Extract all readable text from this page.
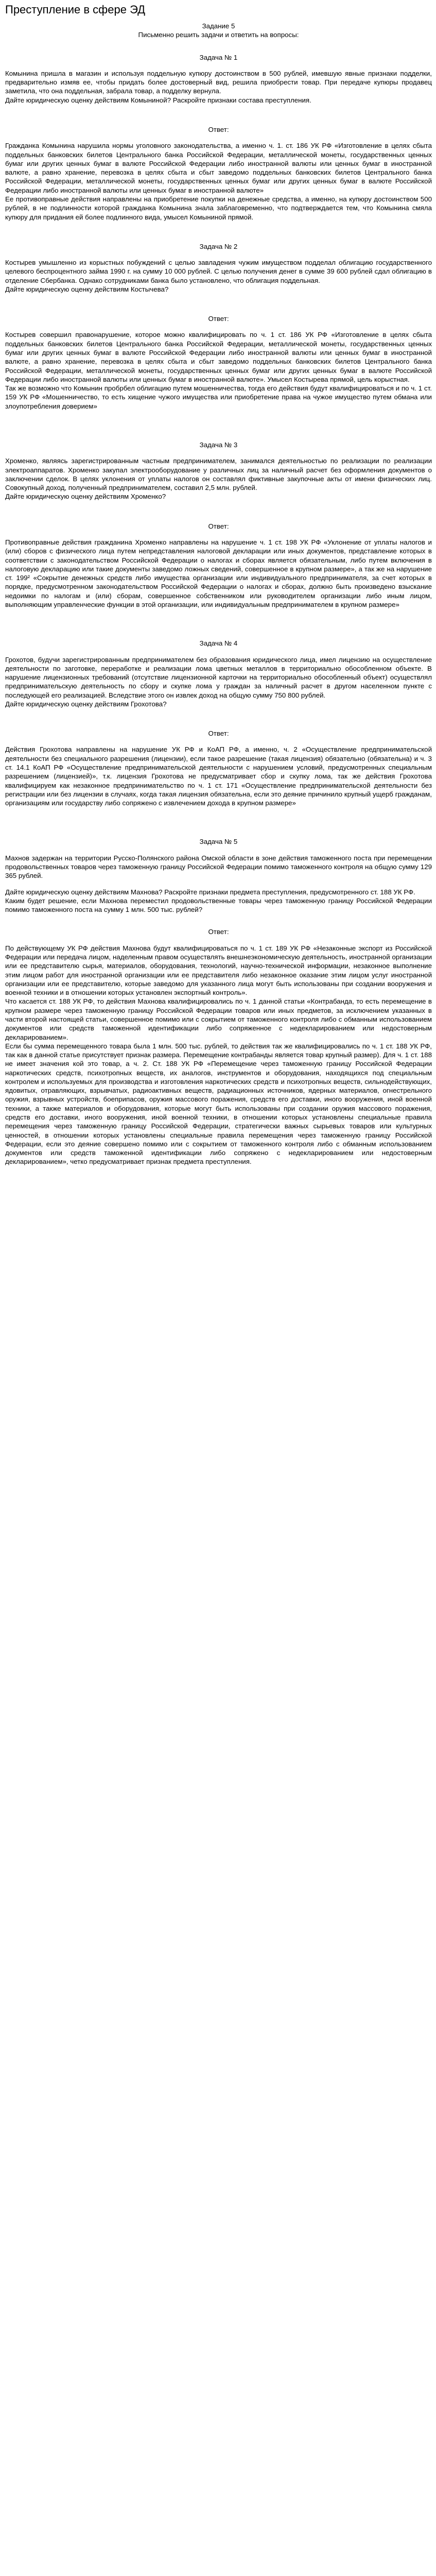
Преступление в сфере ЭД

Задание 5

Письменно решить задачи и ответить на вопросы:

Задача № 1

Комынина пришла в магазин и используя поддельную купюру достоинством в 500 рублей, имевшую явные признаки подделки, предварительно измяв ее, чтобы придать более достоверный вид, решила приобрести товар. При передаче купюры продавец заметила, что она поддельная, забрала товар, а подделку вернула.

Дайте юридическую оценку действиям Комыниной? Раскройте признаки состава преступления.

Ответ:

Гражданка Комынина нарушила нормы уголовного законодательства, а именно ч. 1. ст. 186 УК РФ «Изготовление в целях сбыта поддельных банковских билетов Центрального банка Российской Федерации, металлической монеты, государственных ценных бумаг или других ценных бумаг в валюте Российской Федерации либо иностранной валюты или ценных бумаг в иностранной валюте, а равно хранение, перевозка в целях сбыта и сбыт заведомо поддельных банковских билетов Центрального банка Российской Федерации, металлической монеты, государственных ценных бумаг или других ценных бумаг в валюте Российской Федерации либо иностранной валюты или ценных бумаг в иностранной валюте»

Ее противоправные действия направлены на приобретение покупки на денежные средства, а именно, на купюру достоинством 500 рублей, в не подлинности которой гражданка Комынина знала заблаговременно, что подтверждается тем, что Комынина смяла купюру для придания ей более подлинного вида, умысел Комыниной прямой.

Задача № 2

Костырев умышленно из корыстных побуждений с целью завладения чужим имуществом подделал облигацию государственного целевого беспроцентного займа 1990 г. на сумму 10 000 рублей. С целью получения денег в сумме 39 600 рублей сдал облигацию в отделение Сбербанка. Однако сотрудниками банка было установлено, что облигация поддельная.

Дайте юридическую оценку действиям Костычева?

Ответ:

Костырев совершил правонарушение, которое можно квалифицировать по ч. 1 ст. 186 УК РФ «Изготовление в целях сбыта поддельных банковских билетов Центрального банка Российской Федерации, металлической монеты, государственных ценных бумаг или других ценных бумаг в валюте Российской Федерации либо иностранной валюты или ценных бумаг в иностранной валюте, а равно хранение, перевозка в целях сбыта и сбыт заведомо поддельных банковских билетов Центрального банка Российской Федерации, металлической монеты, государственных ценных бумаг или других ценных бумаг в валюте Российской Федерации либо иностранной валюты или ценных бумаг в иностранной валюте». Умысел Костырева прямой, цель корыстная.

Так же возможно что Комынин пробрбел облигацию путем мошенничества, тогда его действия будут квалифицироваться и по ч. 1 ст. 159 УК РФ «Мошенничество, то есть хищение чужого имущества или приобретение права на чужое имущество путем обмана или злоупотребления доверием»

Задача № 3

Хроменко, являясь зарегистрированным частным предпринимателем, занимался деятельностью по реализации по реализации электроаппаратов. Хроменко закупал электрооборудование у различных лиц за наличный расчет без оформления документов о заключении сделок. В целях уклонения от уплаты налогов он составлял фиктивные закупочные акты от имени физических лиц. Совокупный доход, полученный предпринимателем, составил 2,5 млн. рублей.

Дайте юридическую оценку действиям Хроменко?

Ответ:

Противоправные действия гражданина Хроменко направлены на нарушение ч. 1 ст. 198 УК РФ «Уклонение от уплаты налогов и (или) сборов с физического лица путем непредставления налоговой декларации или иных документов, представление которых в соответствии с законодательством Российской Федерации о налогах и сборах является обязательным, либо путем включения в налоговую декларацию или такие документы заведомо ложных сведений, совершенное в крупном размере», а так же на нарушение ст. 199² «Сокрытие денежных средств либо имущества организации или индивидуального предпринимателя, за счет которых в порядке, предусмотренном законодательством Российской Федерации о налогах и сборах, должно быть произведено взыскание недоимки по налогам и (или) сборам, совершенное собственником или руководителем организации либо иным лицом, выполняющим управленческие функции в этой организации, или индивидуальным предпринимателем в крупном размере»

Задача № 4

Грохотов, будучи зарегистрированным предпринимателем без образования юридического лица, имел лицензию на осуществление деятельности по заготовке, переработке и реализации лома цветных металлов в территориально обособленном объекте. В нарушение лицензионных требований (отсутствие лицензионной карточки на территориально обособленный объект) осуществлял предпринимательскую деятельность по сбору и скупке лома у граждан за наличный расчет в другом населенном пункте с последующей его реализацией. Вследствие этого он извлек доход на общую сумму 750 800 рублей.

Дайте юридическую оценку действиям Грохотова?

Ответ:

Действия Грохотова направлены на нарушение УК РФ и КоАП РФ, а именно, ч. 2 «Осуществление предпринимательской деятельности без специального разрешения (лицензии), если такое разрешение (такая лицензия) обязательно (обязательна) и ч. 3 ст. 14.1 КоАП РФ «Осуществление предпринимательской деятельности с нарушением условий, предусмотренных специальным разрешением (лицензией)», т.к. лицензия Грохотова не предусматривает сбор и скупку лома, так же действия Грохотова квалифицируем как незаконное предпринимательство по ч. 1 ст. 171 «Осуществление предпринимательской деятельности без регистрации или без лицензии в случаях, когда такая лицензия обязательна, если это деяние причинило крупный ущерб гражданам, организациям или государству либо сопряжено с извлечением дохода в крупном размере»

Задача № 5

Махнов задержан на территории Русско-Полянского района Омской области в зоне действия таможенного поста при перемещении продовольственных товаров через таможенную границу Российской Федерации помимо таможенного контроля на общую сумму 129 365 рублей.

Дайте юридическую оценку действиям Махнова? Раскройте признаки предмета преступления, предусмотренного ст. 188 УК РФ.

Каким будет решение, если Махнова переместил продовольственные товары через таможенную границу Российской Федерации помимо таможенного поста на сумму 1 млн. 500 тыс. рублей?

Ответ:

По действующему УК РФ действия Махнова будут квалифицироваться по ч. 1 ст. 189 УК РФ «Незаконные экспорт из Российской Федерации или передача лицом, наделенным правом осуществлять внешнеэкономическую деятельность, иностранной организации или ее представителю сырья, материалов, оборудования, технологий, научно-технической информации, незаконное выполнение этим лицом работ для иностранной организации или ее представителя либо незаконное оказание этим лицом услуг иностранной организации или ее представителю, которые заведомо для указанного лица могут быть использованы при создании вооружения и военной техники и в отношении которых установлен экспортный контроль».

Что касается ст. 188 УК РФ, то действия Махнова квалифицировались по ч. 1 данной статьи «Контрабанда, то есть перемещение в крупном размере через таможенную границу Российской Федерации товаров или иных предметов, за исключением указанных в части второй настоящей статьи, совершенное помимо или с сокрытием от таможенного контроля либо с обманным использованием документов или средств таможенной идентификации либо сопряженное с недекларированием или недостоверным декларированием».

Если бы сумма перемещенного товара была 1 млн. 500 тыс. рублей, то действия так же квалифицировались по ч. 1 ст. 188 УК РФ, так как в данной статье присутствует признак размера. Перемещение контрабанды является товар крупный размер). Для ч. 1 ст. 188 не имеет значения кой это товар, а ч. 2. Ст. 188 УК РФ «Перемещение через таможенную границу Российской Федерации наркотических средств, психотропных веществ, их аналогов, инструментов и оборудования, находящихся под специальным контролем и используемых для производства и изготовления наркотических средств и психотропных веществ, сильнодействующих, ядовитых, отравляющих, взрывчатых, радиоактивных веществ, радиационных источников, ядерных материалов, огнестрельного оружия, взрывных устройств, боеприпасов, оружия массового поражения, средств его доставки, иного вооружения, иной военной техники, а также материалов и оборудования, которые могут быть использованы при создании оружия массового поражения, средств его доставки, иного вооружения, иной военной техники, в отношении которых установлены специальные правила перемещения через таможенную границу Российской Федерации, стратегически важных сырьевых товаров или культурных ценностей, в отношении которых установлены специальные правила перемещения через таможенную границу Российской Федерации, если это деяние совершено помимо или с сокрытием от таможенного контроля либо с обманным использованием документов или средств таможенной идентификации либо сопряжено с недекларированием или недостоверным декларированием», четко предусматривает признак предмета преступления.
